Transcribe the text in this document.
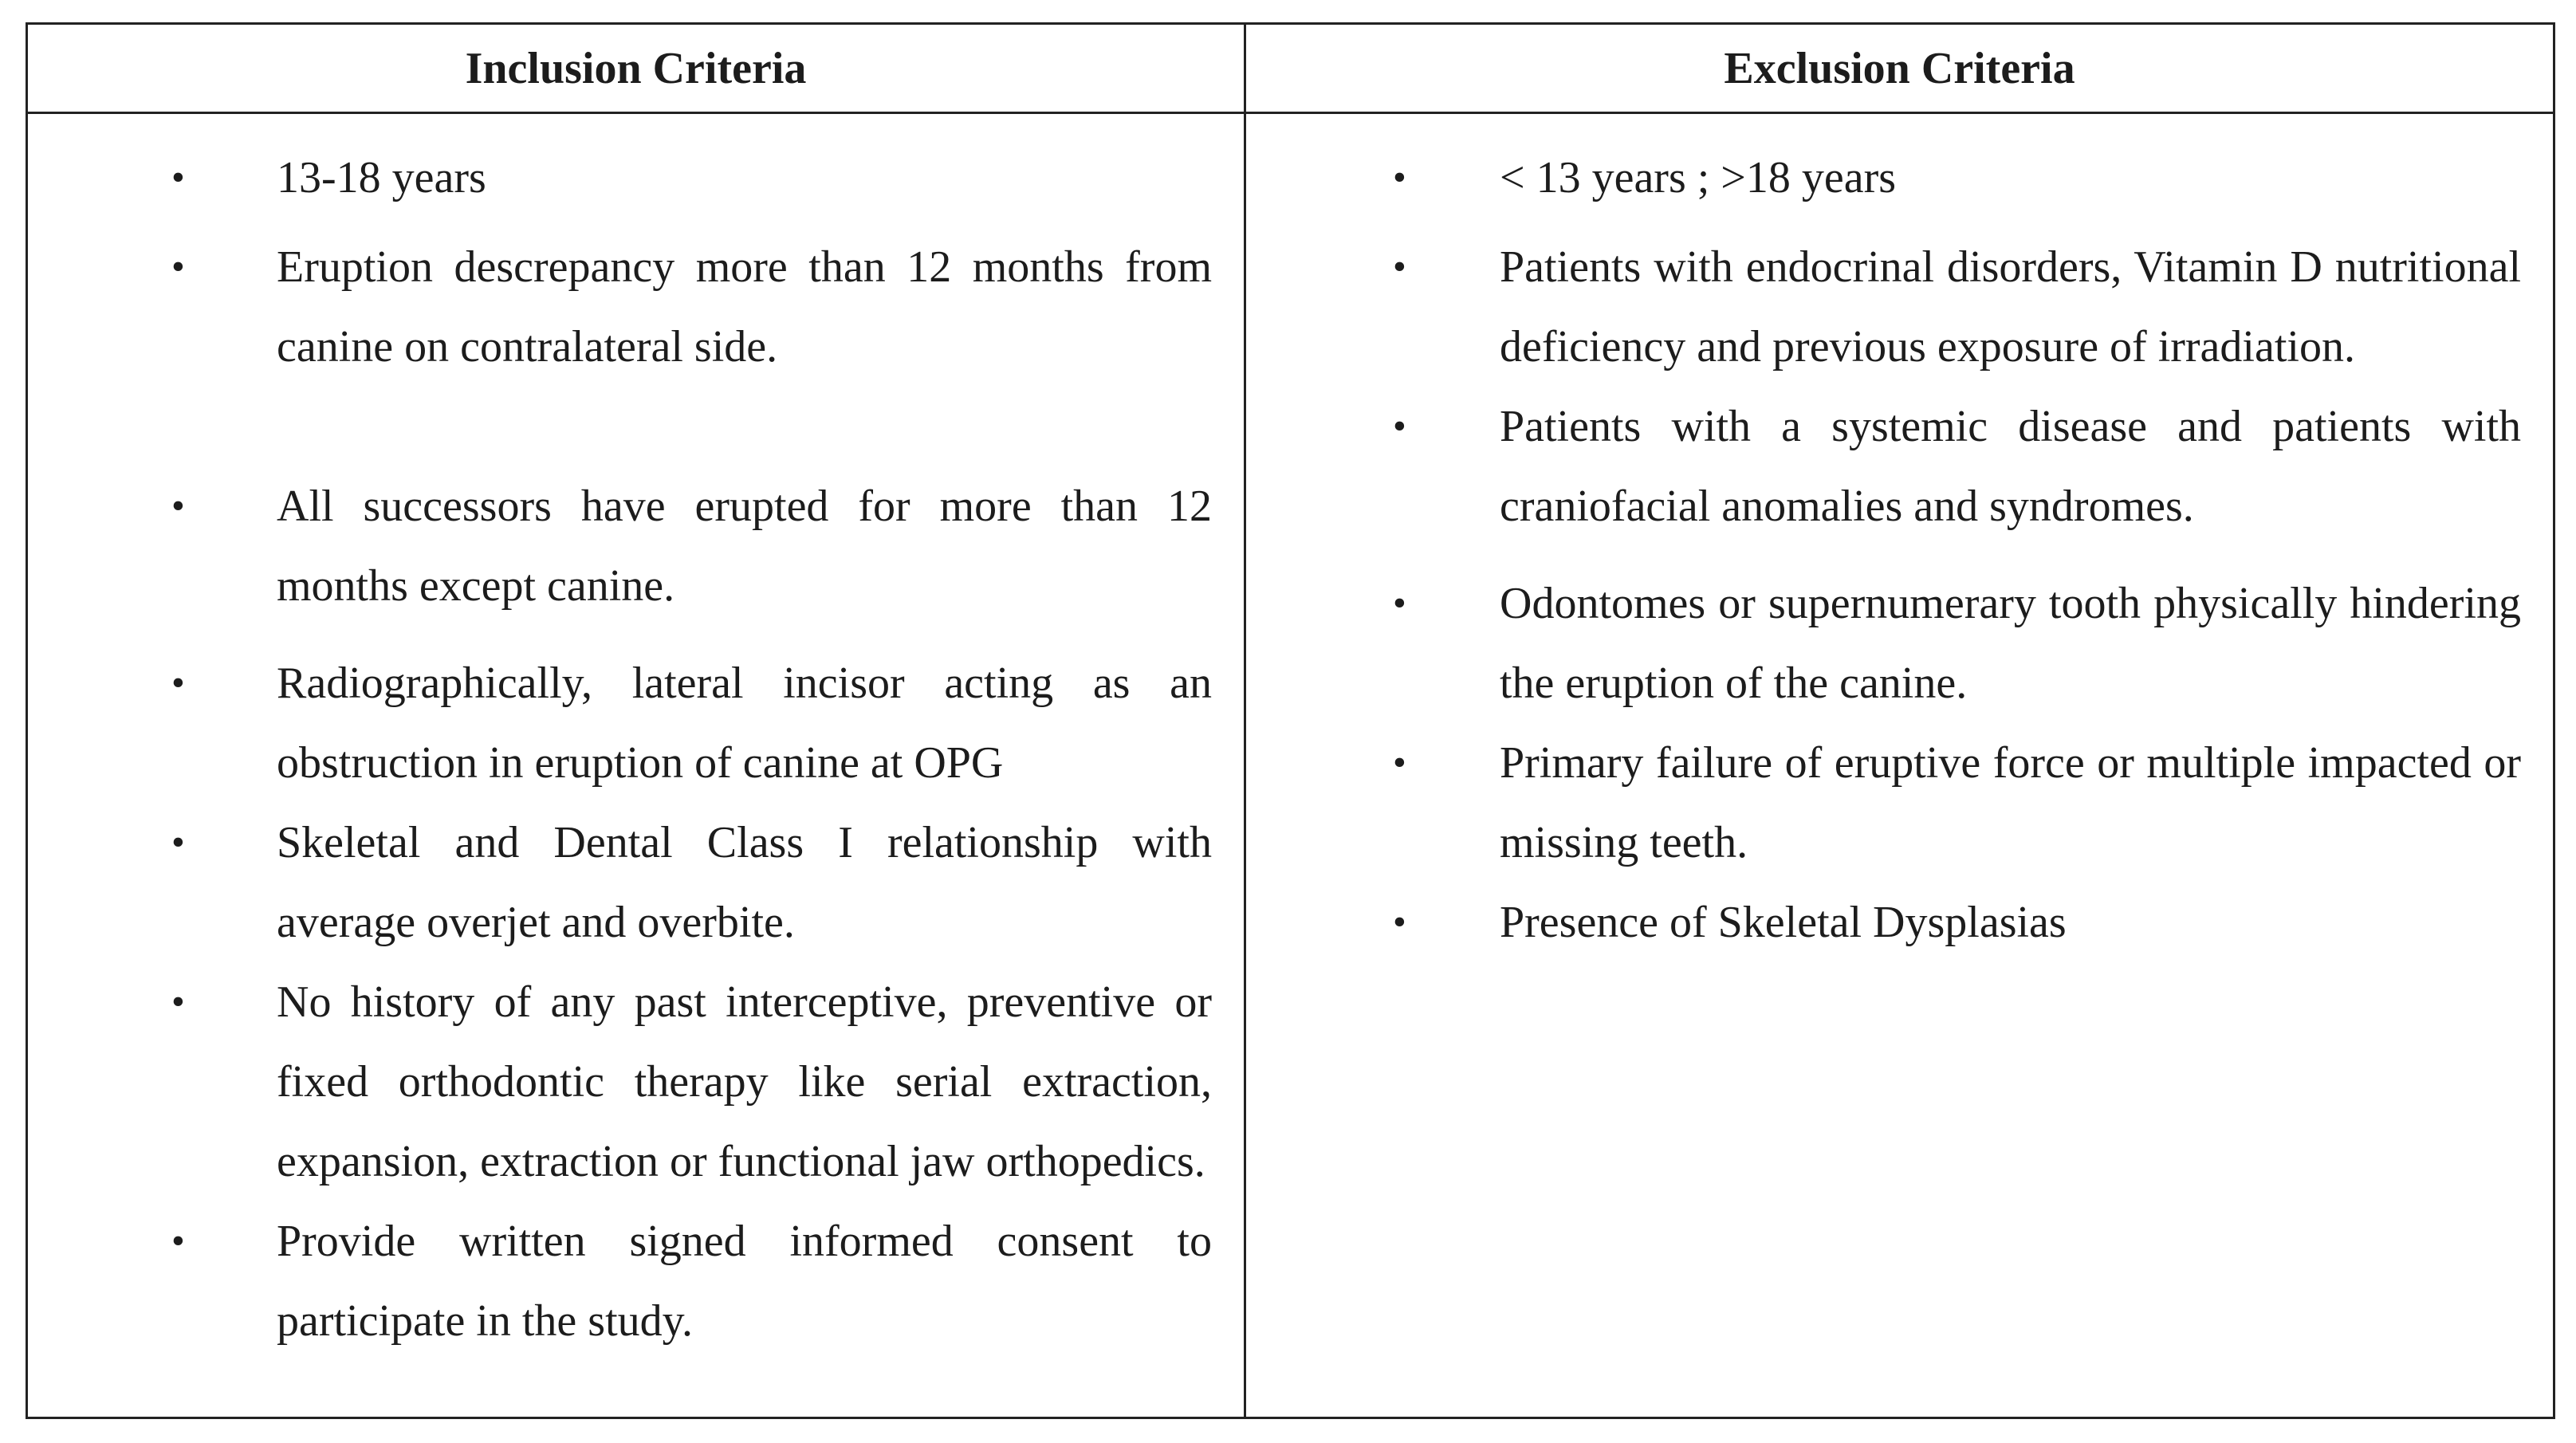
Inclusion Criteria	Exclusion Criteria
• 13-18 years
• Eruption descrepancy more than 12 months from canine on contralateral side.
• All successors have erupted for more than 12 months except canine.
• Radiographically, lateral incisor acting as an obstruction in eruption of canine at OPG
• Skeletal and Dental Class I relationship with average overjet and overbite.
• No history of any past interceptive, preventive or fixed orthodontic therapy like serial extraction, expansion, extraction or functional jaw orthopedics.
• Provide written signed informed consent to participate in the study.
• < 13 years ; >18 years
• Patients with endocrinal disorders, Vitamin D nutritional deficiency and previous exposure of irradiation.
• Patients with a systemic disease and patients with craniofacial anomalies and syndromes.
• Odontomes or supernumerary tooth physically hindering the eruption of the canine.
• Primary failure of eruptive force or multiple impacted or missing teeth.
• Presence of Skeletal Dysplasias
